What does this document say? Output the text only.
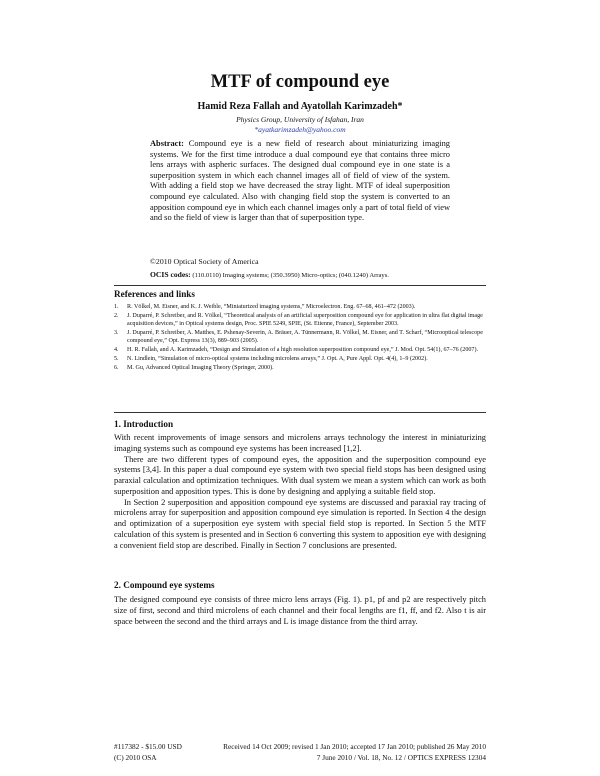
MTF of compound eye
Hamid Reza Fallah and Ayatollah Karimzadeh*
Physics Group, University of Isfahan, Iran
*ayatkarimzadeh@yahoo.com

Abstract: Compound eye is a new field of research about miniaturizing imaging systems. We for the first time introduce a dual compound eye that contains three micro lens arrays with aspheric surfaces. The designed dual compound eye in one state is a superposition system in which each channel images all of field of view of the system. With adding a field stop we have decreased the stray light. MTF of ideal superposition compound eye calculated. Also with changing field stop the system is converted to an apposition compound eye in which each channel images only a part of total field of view and so the field of view is larger than that of superposition type.

©2010 Optical Society of America
OCIS codes: (110.0110) Imaging systems; (350.3950) Micro-optics; (040.1240) Arrays.
References and links
1.	R. Völkel, M. Eisner, and K. J. Weible, “Miniaturized imaging systems,” Microelectron. Eng. 67–68, 461–472 (2003).
2.	J. Duparré, P. Schreiber, and R. Völkel, “Theoretical analysis of an artificial superposition compound eye for application in ultra flat digital image acquisition devices,” in Optical systems design, Proc. SPIE 5249, SPIE, (St. Etienne, France), September 2003.
3.	J. Duparré, P. Schreiber, A. Matthes, E. Pshenay-Severin, A. Bräuer, A. Tünnermann, R. Völkel, M. Eisner, and T. Scharf, “Microoptical telescope compound eye,” Opt. Express 13(3), 889–903 (2005).
4.	H. R. Fallah, and A. Karimzadeh, “Design and Simulation of a high resolution superposition compound eye,” J. Mod. Opt. 54(1), 67–76 (2007).
5.	N. Lindlein, “Simulation of micro-optical systems including microlens arrays,” J. Opt. A, Pure Appl. Opt. 4(4), 1–9 (2002).
6.	M. Gu, Advanced Optical Imaging Theory (Springer, 2000).
1. Introduction

With recent improvements of image sensors and microlens arrays technology the interest in miniaturizing imaging systems such as compound eye systems has been increased [1,2].

There are two different types of compound eyes, the apposition and the superposition compound eye systems [3,4]. In this paper a dual compound eye system with two special field stops has been designed using paraxial calculation and optimization techniques. With dual system we mean a system which can work as both superposition and apposition types. This is done by designing and applying a suitable field stop.

In Section 2 superposition and apposition compound eye systems are discussed and paraxial ray tracing of microlens array for superposition and apposition compound eye simulation is reported. In Section 4 the design and optimization of a superposition eye system with special field stop is reported. In Section 5 the MTF calculation of this system is presented and in Section 6 converting this system to apposition eye with designing a convenient field stop are described. Finally in Section 7 conclusions are presented.

2. Compound eye systems

The designed compound eye consists of three micro lens arrays (Fig. 1). p1, pf and p2 are respectively pitch size of first, second and third microlens of each channel and their focal lengths are f1, ff, and f2. Also t is air space between the second and the third arrays and L is image distance from the third array.

#117382 - $15.00 USD
(C) 2010 OSA
Received 14 Oct 2009; revised 1 Jan 2010; accepted 17 Jan 2010; published 26 May 2010
7 June 2010 / Vol. 18, No. 12 / OPTICS EXPRESS 12304
